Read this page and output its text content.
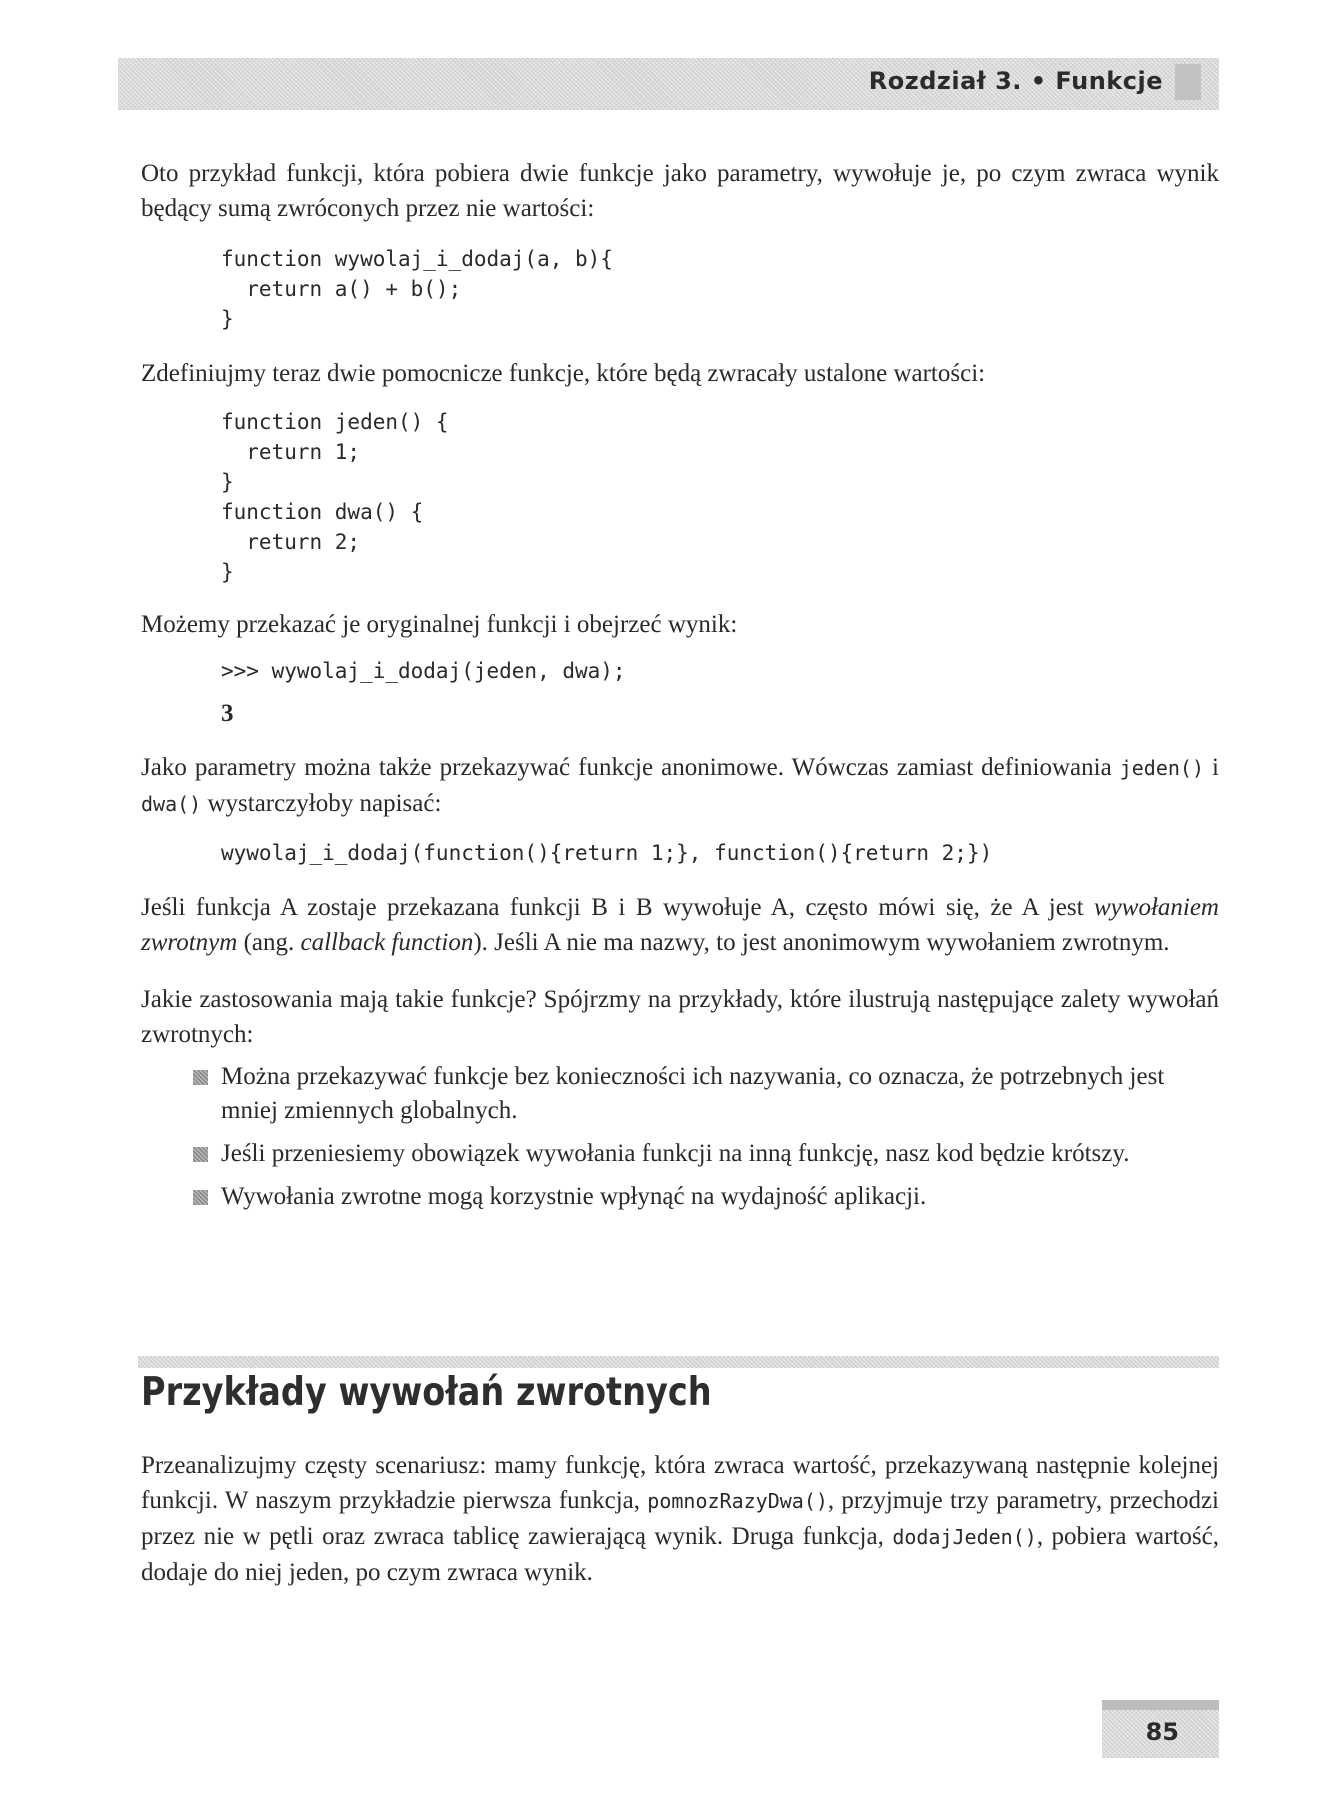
Rozdział 3. • Funkcje

Oto przykład funkcji, która pobiera dwie funkcje jako parametry, wywołuje je, po czym zwraca wynik będący sumą zwróconych przez nie wartości:

function wywolaj_i_dodaj(a, b){
return a() + b();
}

Zdefiniujmy teraz dwie pomocnicze funkcje, które będą zwracały ustalone wartości:

function jeden() {
return 1;
}
function dwa() {
return 2;
}

Możemy przekazać je oryginalnej funkcji i obejrzeć wynik:

>>> wywolaj_i_dodaj(jeden, dwa);
3

Jako parametry można także przekazywać funkcje anonimowe. Wówczas zamiast definiowania jeden() i dwa() wystarczyłoby napisać:

wywolaj_i_dodaj(function(){return 1;}, function(){return 2;})

Jeśli funkcja A zostaje przekazana funkcji B i B wywołuje A, często mówi się, że A jest wywołaniem zwrotnym (ang. callback function). Jeśli A nie ma nazwy, to jest anonimowym wywołaniem zwrotnym.

Jakie zastosowania mają takie funkcje? Spójrzmy na przykłady, które ilustrują następujące zalety wywołań zwrotnych:

Można przekazywać funkcje bez konieczności ich nazywania, co oznacza, że potrzebnych jest mniej zmiennych globalnych.
Jeśli przeniesiemy obowiązek wywołania funkcji na inną funkcję, nasz kod będzie krótszy.
Wywołania zwrotne mogą korzystnie wpłynąć na wydajność aplikacji.
Przykłady wywołań zwrotnych

Przeanalizujmy częsty scenariusz: mamy funkcję, która zwraca wartość, przekazywaną następnie kolejnej funkcji. W naszym przykładzie pierwsza funkcja, pomnozRazyDwa(), przyjmuje trzy parametry, przechodzi przez nie w pętli oraz zwraca tablicę zawierającą wynik. Druga funkcja, dodajJeden(), pobiera wartość, dodaje do niej jeden, po czym zwraca wynik.

85
